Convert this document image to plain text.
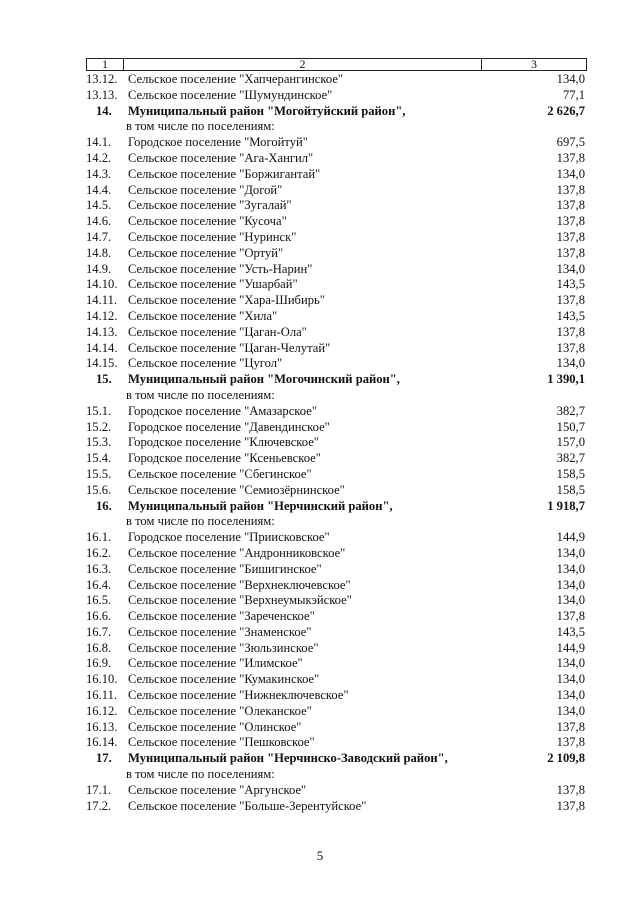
1	2	3
13.12. Сельское поселение "Хапчерангинское"	134,0
13.13. Сельское поселение "Шумундинское"	77,1
14.	Муниципальный район "Могойтуйский район",	2 626,7
в том числе по поселениям:
14.1.	Городское поселение "Могойтуй"	697,5
14.2.	Сельское поселение "Ага-Хангил"	137,8
14.3.	Сельское поселение "Боржигантай"	134,0
14.4.	Сельское поселение "Догой"	137,8
14.5.	Сельское поселение "Зугалай"	137,8
14.6.	Сельское поселение "Кусоча"	137,8
14.7.	Сельское поселение "Нуринск"	137,8
14.8.	Сельское поселение "Ортуй"	137,8
14.9.	Сельское поселение "Усть-Нарин"	134,0
14.10. Сельское поселение "Ушарбай"	143,5
14.11. Сельское поселение "Хара-Шибирь"	137,8
14.12. Сельское поселение "Хила"	143,5
14.13. Сельское поселение "Цаган-Ола"	137,8
14.14. Сельское поселение "Цаган-Челутай"	137,8
14.15. Сельское поселение "Цугол"	134,0
15.	Муниципальный район "Могочинский район",	1 390,1
в том числе по поселениям:
15.1.	Городское поселение "Амазарское"	382,7
15.2.	Городское поселение "Давендинское"	150,7
15.3.	Городское поселение "Ключевское"	157,0
15.4.	Городское поселение "Ксеньевское"	382,7
15.5.	Сельское поселение "Сбегинское"	158,5
15.6.	Сельское поселение "Семиозёрнинское"	158,5
16.	Муниципальный район "Нерчинский район",	1 918,7
в том числе по поселениям:
16.1.	Городское поселение "Приисковское"	144,9
16.2.	Сельское поселение "Андронниковское"	134,0
16.3.	Сельское поселение "Бишигинское"	134,0
16.4.	Сельское поселение "Верхнеключевское"	134,0
16.5.	Сельское поселение "Верхнеумыкэйское"	134,0
16.6.	Сельское поселение "Зареченское"	137,8
16.7.	Сельское поселение "Знаменское"	143,5
16.8.	Сельское поселение "Зюльзинское"	144,9
16.9.	Сельское поселение "Илимское"	134,0
16.10. Сельское поселение "Кумакинское"	134,0
16.11. Сельское поселение "Нижнеключевское"	134,0
16.12. Сельское поселение "Олеканское"	134,0
16.13. Сельское поселение "Олинское"	137,8
16.14. Сельское поселение "Пешковское"	137,8
17.	Муниципальный район "Нерчинско-Заводский район",	2 109,8
в том числе по поселениям:
17.1.	Сельское поселение "Аргунское"	137,8
17.2.	Сельское поселение "Больше-Зерентуйское"	137,8
5
